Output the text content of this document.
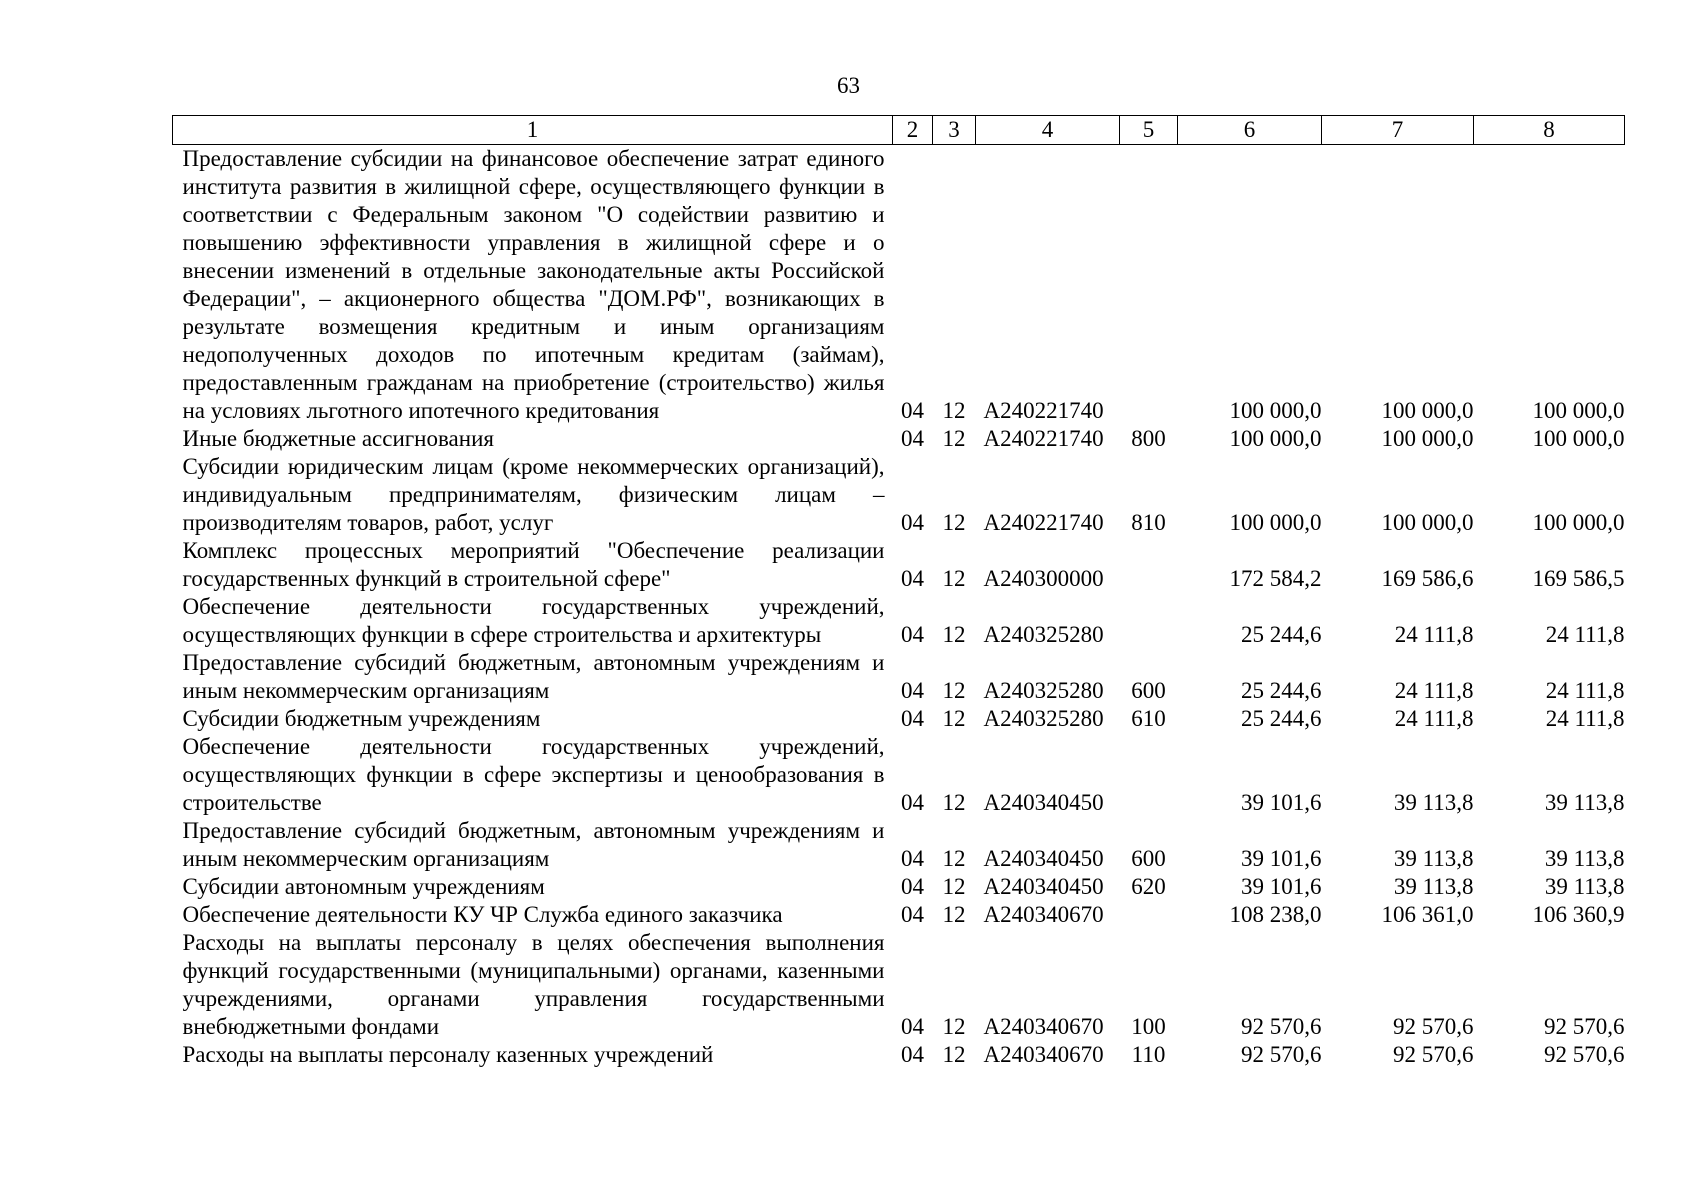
63
1	2	3	4	5	6	7	8
Предоставление субсидии на финансовое обеспечение затрат единого института развития в жилищной сфере, осуществляющего функции в соответствии с Федеральным законом "О содействии развитию и повышению эффективности управления в жилищной сфере и о внесении изменений в отдельные законодательные акты Российской Федерации", – акционерного общества "ДОМ.РФ", возникающих в результате возмещения кредитным и иным организациям недополученных доходов по ипотечным кредитам (займам), предоставленным гражданам на приобретение (строительство) жилья на условиях льготного ипотечного кредитования	04	12	А240221740		100 000,0	100 000,0	100 000,0
Иные бюджетные ассигнования	04	12	А240221740	800	100 000,0	100 000,0	100 000,0
Субсидии юридическим лицам (кроме некоммерческих организаций), индивидуальным предпринимателям, физическим лицам – производителям товаров, работ, услуг	04	12	А240221740	810	100 000,0	100 000,0	100 000,0
Комплекс процессных мероприятий "Обеспечение реализации государственных функций в строительной сфере"	04	12	А240300000		172 584,2	169 586,6	169 586,5
Обеспечение деятельности государственных учреждений, осуществляющих функции в сфере строительства и архитектуры	04	12	А240325280		25 244,6	24 111,8	24 111,8
Предоставление субсидий бюджетным, автономным учреждениям и иным некоммерческим организациям	04	12	А240325280	600	25 244,6	24 111,8	24 111,8
Субсидии бюджетным учреждениям	04	12	А240325280	610	25 244,6	24 111,8	24 111,8
Обеспечение деятельности государственных учреждений, осуществляющих функции в сфере экспертизы и ценообразования в строительстве	04	12	А240340450		39 101,6	39 113,8	39 113,8
Предоставление субсидий бюджетным, автономным учреждениям и иным некоммерческим организациям	04	12	А240340450	600	39 101,6	39 113,8	39 113,8
Субсидии автономным учреждениям	04	12	А240340450	620	39 101,6	39 113,8	39 113,8
Обеспечение деятельности КУ ЧР Служба единого заказчика	04	12	А240340670		108 238,0	106 361,0	106 360,9
Расходы на выплаты персоналу в целях обеспечения выполнения функций государственными (муниципальными) органами, казенными учреждениями, органами управления государственными внебюджетными фондами	04	12	А240340670	100	92 570,6	92 570,6	92 570,6
Расходы на выплаты персоналу казенных учреждений	04	12	А240340670	110	92 570,6	92 570,6	92 570,6
